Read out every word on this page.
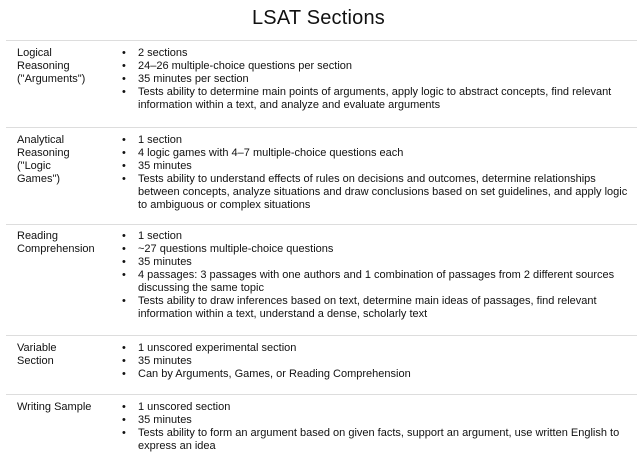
LSAT Sections
Logical
Reasoning
("Arguments")
• 2 sections
• 24–26 multiple-choice questions per section
• 35 minutes per section
• Tests ability to determine main points of arguments, apply logic to abstract concepts, find relevant information within a text, and analyze and evaluate arguments
Analytical
Reasoning
("Logic
Games")
• 1 section
• 4 logic games with 4–7 multiple-choice questions each
• 35 minutes
• Tests ability to understand effects of rules on decisions and outcomes, determine relationships between concepts, analyze situations and draw conclusions based on set guidelines, and apply logic to ambiguous or complex situations
Reading
Comprehension
• 1 section
• ~27 questions multiple-choice questions
• 35 minutes
• 4 passages: 3 passages with one authors and 1 combination of passages from 2 different sources discussing the same topic
• Tests ability to draw inferences based on text, determine main ideas of passages, find relevant information within a text, understand a dense, scholarly text
Variable
Section
• 1 unscored experimental section
• 35 minutes
• Can by Arguments, Games, or Reading Comprehension
Writing Sample
•	1 unscored section
• 35 minutes
• Tests ability to form an argument based on given facts, support an argument, use written English to express an idea
